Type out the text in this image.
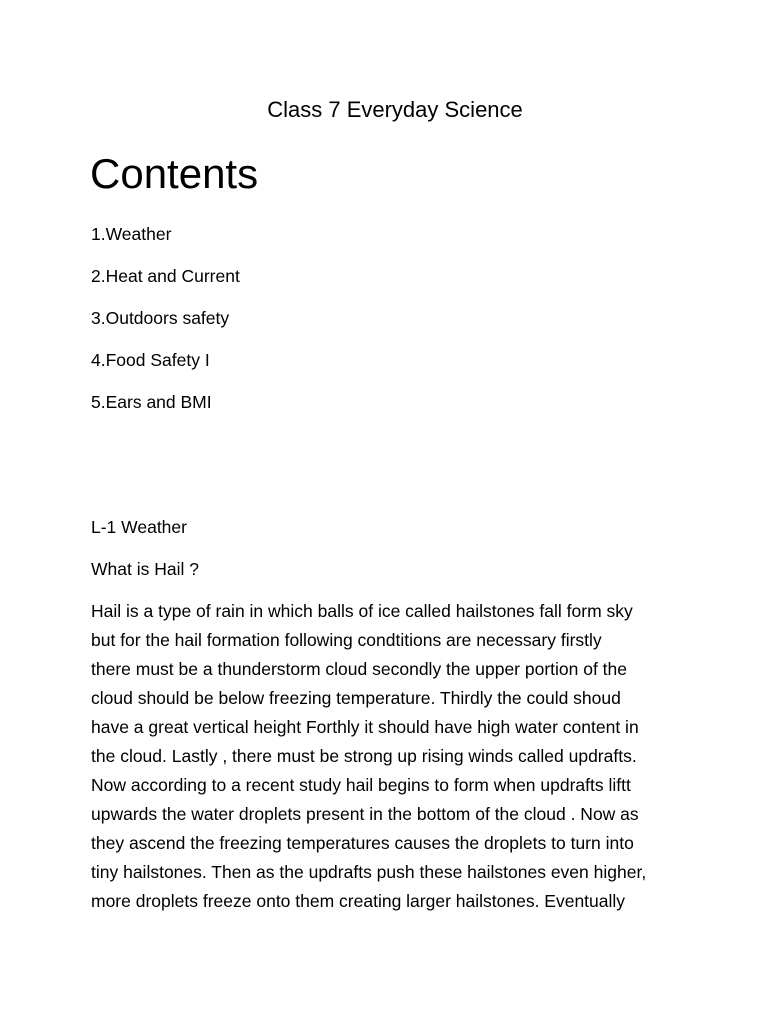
Class 7 Everyday Science
Contents
1.Weather
2.Heat and Current
3.Outdoors safety
4.Food Safety I
5.Ears and BMI
L-1 Weather
What is Hail ?
Hail is a type of rain in which balls of ice called hailstones fall form sky
but for the hail formation following condtitions are necessary firstly
there must be a thunderstorm cloud secondly the upper portion of the
cloud should be below freezing temperature. Thirdly the could shoud
have a great vertical height Forthly it should have high water content in
the cloud. Lastly , there must be strong up rising winds called updrafts.
Now according to a recent study hail begins to form when updrafts liftt
upwards the water droplets present in the bottom of the cloud . Now as
they ascend the freezing temperatures causes the droplets to turn into
tiny hailstones. Then as the updrafts push these hailstones even higher,
more droplets freeze onto them creating larger hailstones. Eventually
